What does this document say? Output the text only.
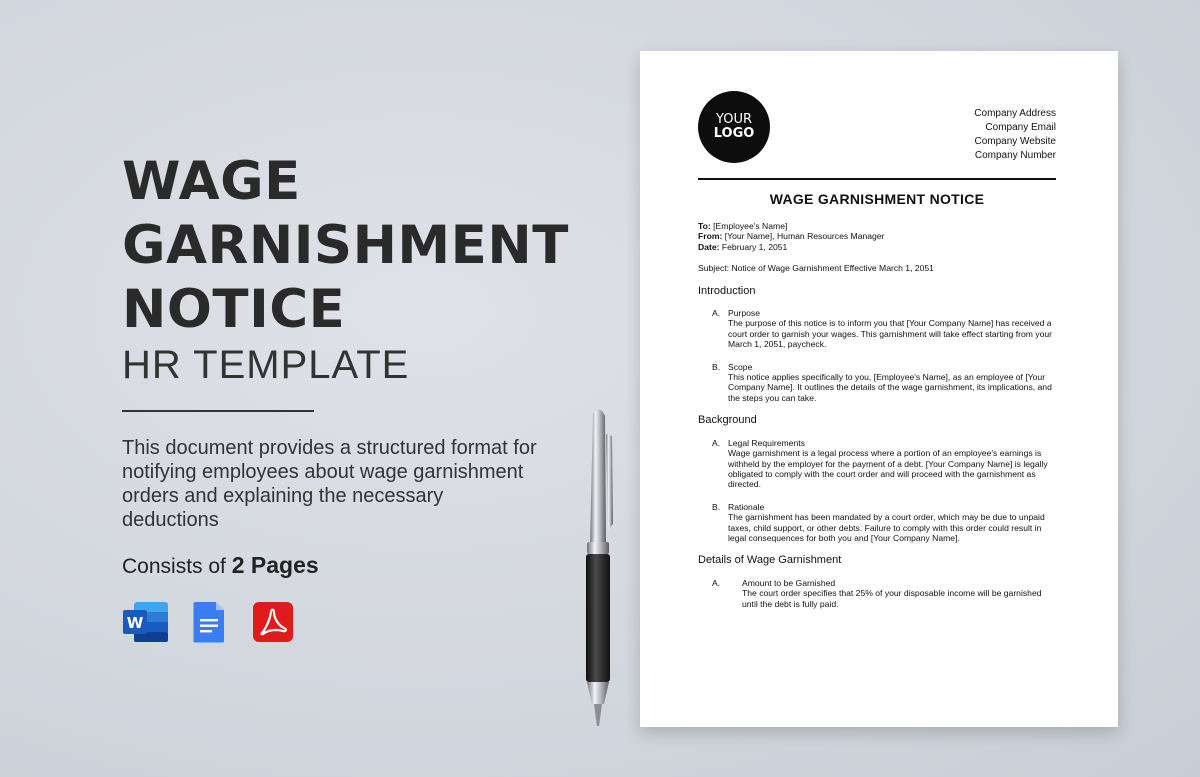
WAGE
GARNISHMENT
NOTICE
HR TEMPLATE
This document provides a structured format for notifying employees about wage garnishment orders and explaining the necessary deductions
Consists of 2 Pages
W
YOUR
LOGO
Company Address
Company Email
Company Website
Company Number
WAGE GARNISHMENT NOTICE
To: [Employee's Name]
From: [Your Name], Human Resources Manager
Date: February 1, 2051
Subject: Notice of Wage Garnishment Effective March 1, 2051
Introduction
A. Purpose
The purpose of this notice is to inform you that [Your Company Name] has received a court order to garnish your wages. This garnishment will take effect starting from your March 1, 2051, paycheck.
B. Scope
This notice applies specifically to you, [Employee's Name], as an employee of [Your Company Name]. It outlines the details of the wage garnishment, its implications, and the steps you can take.
Background
A. Legal Requirements
Wage garnishment is a legal process where a portion of an employee's earnings is withheld by the employer for the payment of a debt. [Your Company Name] is legally obligated to comply with the court order and will proceed with the garnishment as directed.
B. Rationale
The garnishment has been mandated by a court order, which may be due to unpaid taxes, child support, or other debts. Failure to comply with this order could result in legal consequences for both you and [Your Company Name].
Details of Wage Garnishment
A.	Amount to be Garnished
The court order specifies that 25% of your disposable income will be garnished until the debt is fully paid.
